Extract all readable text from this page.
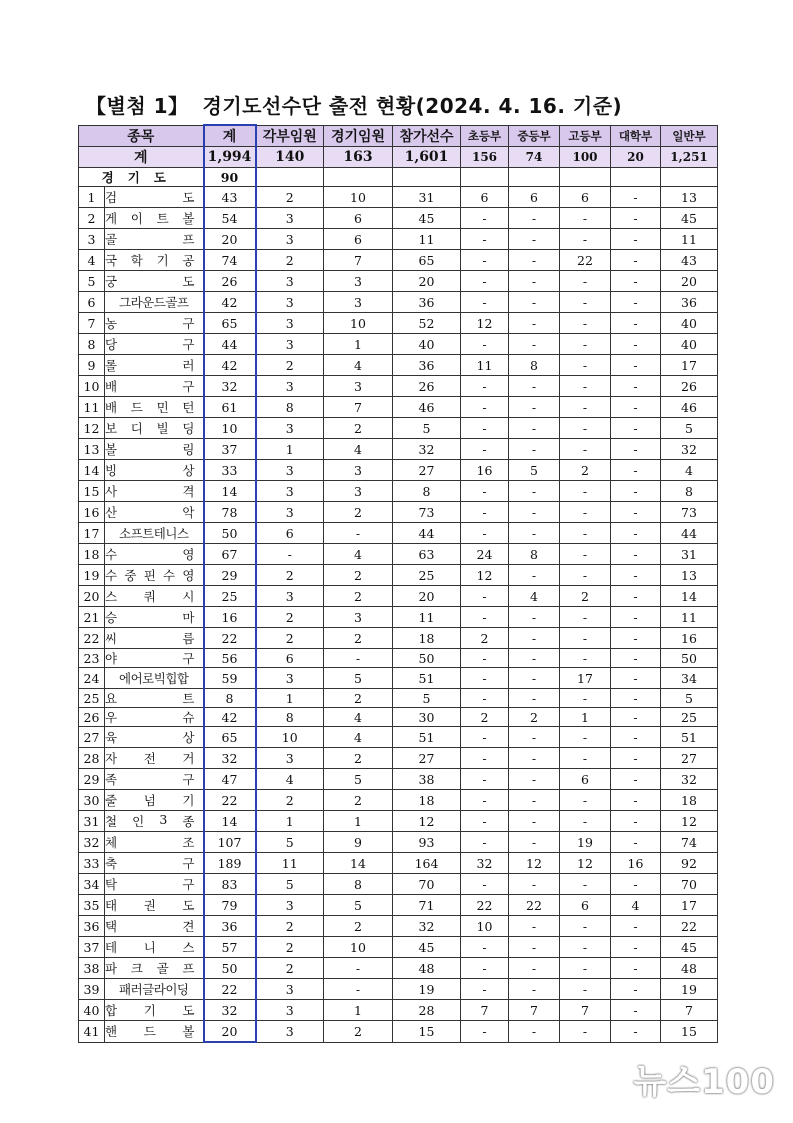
【별첨 1】 경기도선수단 출전 현황(2024. 4. 16. 기준)
종목		계	각부임원	경기임원	참가선수	초등부	중등부	고등부	대학부	일반부
계		1,994	140	163	1,601	156	74	100	20	1,251
경기도		90								
1	검 도	43	2	10	31	6	6	6	-	13
2	게 이 트 볼	54	3	6	45	-	-	-	-	45
3	골 프	20	3	6	11	-	-	-	-	11
4	국 학 기 공	74	2	7	65	-	-	22	-	43
5	궁 도	26	3	3	20	-	-	-	-	20
6	그라운드골프	42	3	3	36	-	-	-	-	36
7	농 구	65	3	10	52	12	-	-	-	40
8	당 구	44	3	1	40	-	-	-	-	40
9	롤 러	42	2	4	36	11	8	-	-	17
10	배 구	32	3	3	26	-	-	-	-	26
11	배 드 민 턴	61	8	7	46	-	-	-	-	46
12	보 디 빌 딩	10	3	2	5	-	-	-	-	5
13	볼 링	37	1	4	32	-	-	-	-	32
14	빙 상	33	3	3	27	16	5	2	-	4
15	사 격	14	3	3	8	-	-	-	-	8
16	산 악	78	3	2	73	-	-	-	-	73
17	소프트테니스	50	6	-	44	-	-	-	-	44
18	수 영	67	-	4	63	24	8	-	-	31
19	수 중 핀 수 영	29	2	2	25	12	-	-	-	13
20	스 쿼 시	25	3	2	20	-	4	2	-	14
21	승 마	16	2	3	11	-	-	-	-	11
22	씨 름	22	2	2	18	2	-	-	-	16
23	야 구	56	6	-	50	-	-	-	-	50
24	에어로빅힙합	59	3	5	51	-	-	17	-	34
25	요 트	8	1	2	5	-	-	-	-	5
26	우 슈	42	8	4	30	2	2	1	-	25
27	육 상	65	10	4	51	-	-	-	-	51
28	자 전 거	32	3	2	27	-	-	-	-	27
29	족 구	47	4	5	38	-	-	6	-	32
30	줄 넘 기	22	2	2	18	-	-	-	-	18
31	철 인 3 종	14	1	1	12	-	-	-	-	12
32	체 조	107	5	9	93	-	-	19	-	74
33	축 구	189	11	14	164	32	12	12	16	92
34	탁 구	83	5	8	70	-	-	-	-	70
35	태 권 도	79	3	5	71	22	22	6	4	17
36	택 견	36	2	2	32	10	-	-	-	22
37	테 니 스	57	2	10	45	-	-	-	-	45
38	파 크 골 프	50	2	-	48	-	-	-	-	48
39	패러글라이딩	22	3	-	19	-	-	-	-	19
40	합 기 도	32	3	1	28	7	7	7	-	7
41	핸 드 볼	20	3	2	15	-	-	-	-	15
뉴스100
